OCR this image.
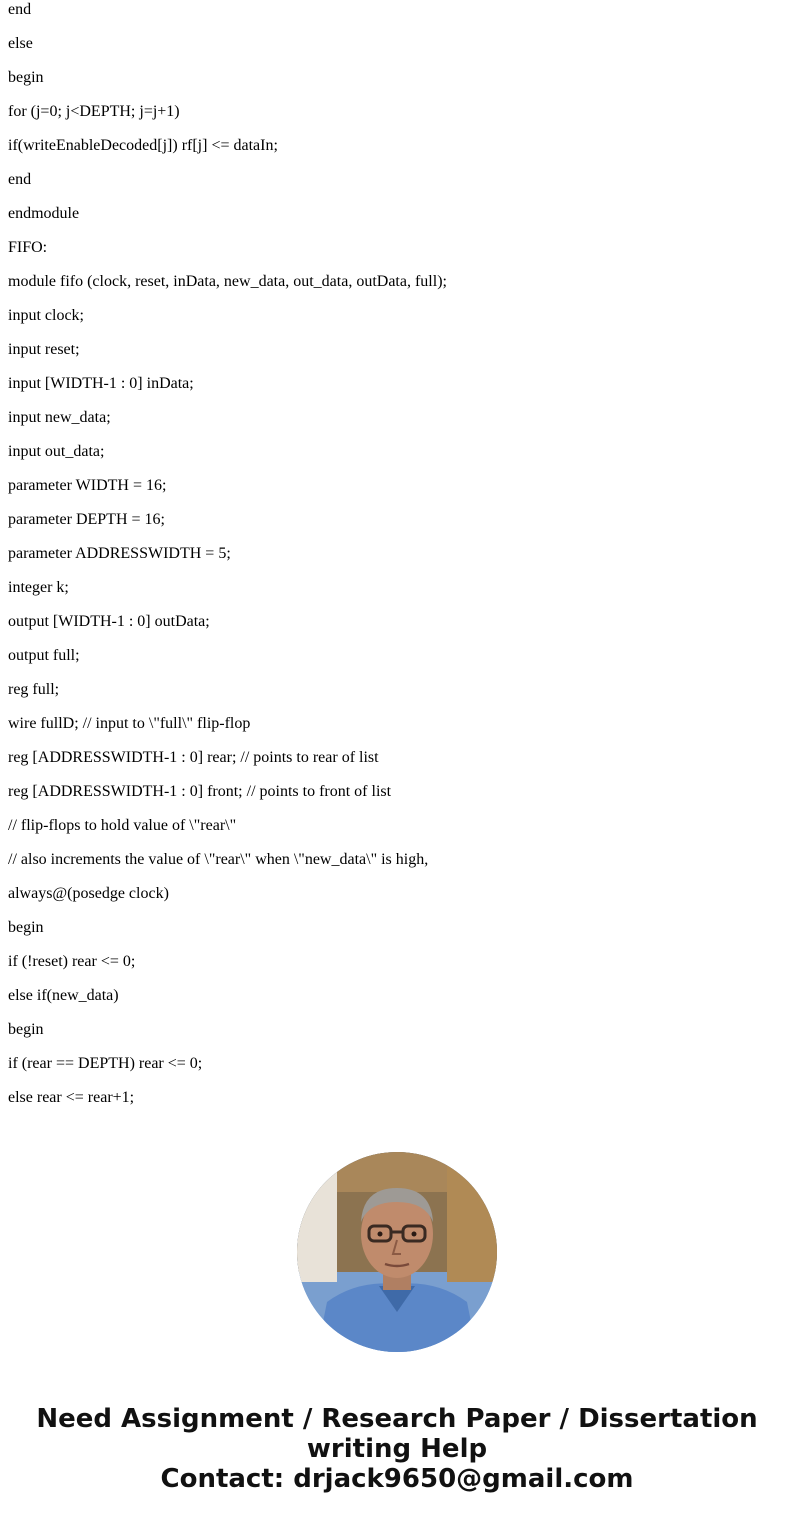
end
else
begin
for (j=0; j<DEPTH; j=j+1)
if(writeEnableDecoded[j]) rf[j] <= dataIn;
end
endmodule
FIFO:
module fifo (clock, reset, inData, new_data, out_data, outData, full);
input clock;
input reset;
input [WIDTH-1 : 0] inData;
input new_data;
input out_data;
parameter WIDTH = 16;
parameter DEPTH = 16;
parameter ADDRESSWIDTH = 5;
integer k;
output [WIDTH-1 : 0] outData;
output full;
reg full;
wire fullD; // input to \"full\" flip-flop
reg [ADDRESSWIDTH-1 : 0] rear; // points to rear of list
reg [ADDRESSWIDTH-1 : 0] front; // points to front of list
// flip-flops to hold value of \"rear\"
// also increments the value of \"rear\" when \"new_data\" is high,
always@(posedge clock)
begin
if (!reset) rear <= 0;
else if(new_data)
begin
if (rear == DEPTH) rear <= 0;
else rear <= rear+1;
Need Assignment / Research Paper / Dissertation
writing Help
Contact: drjack9650@gmail.com
